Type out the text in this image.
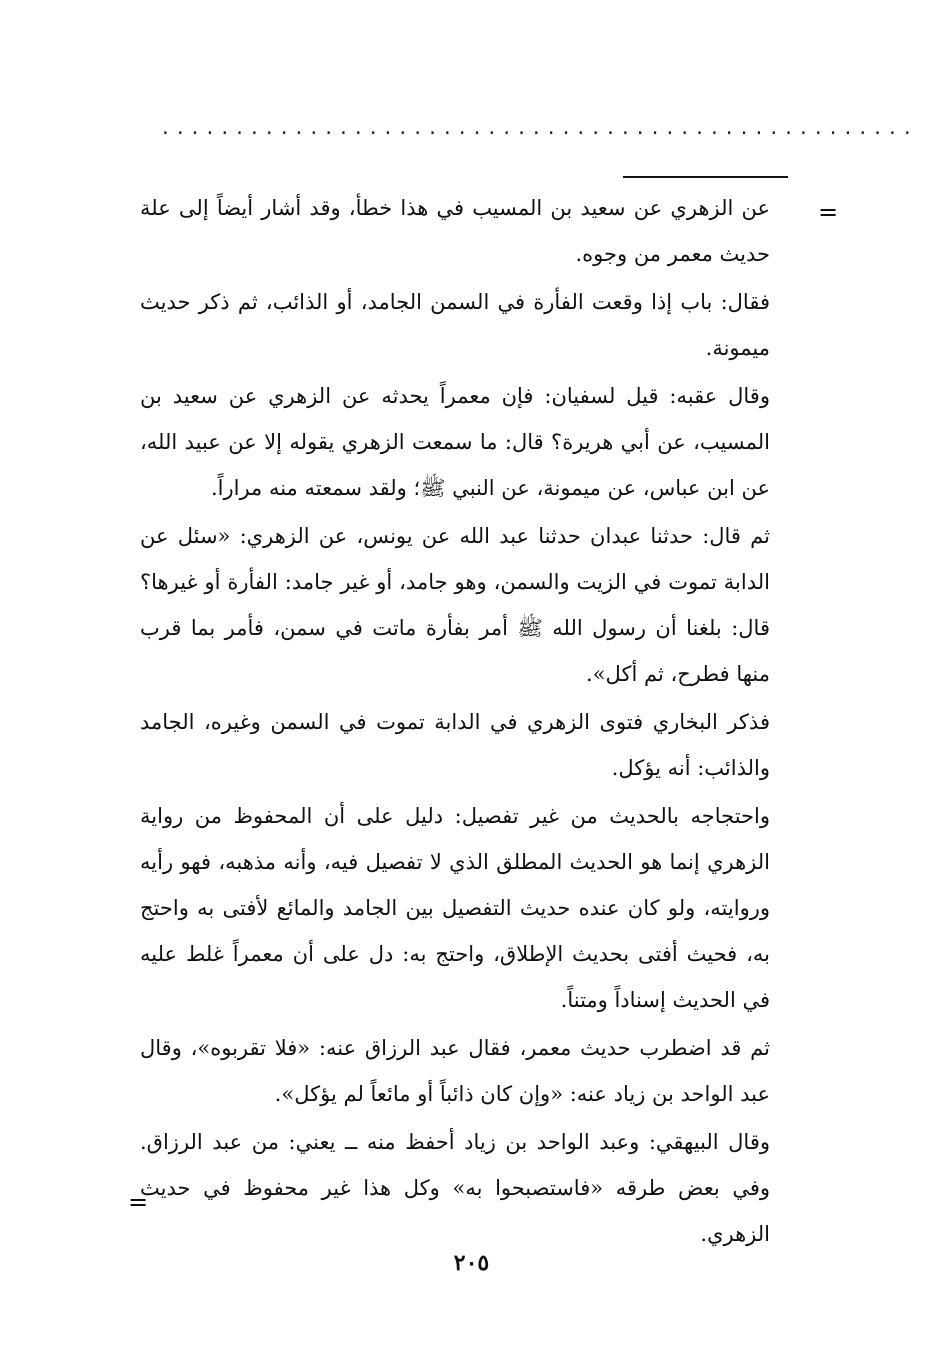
...................................................
=

عن الزهري عن سعيد بن المسيب في هذا خطأ، وقد أشار أيضاً إلى علة حديث معمر من وجوه.

فقال: باب إذا وقعت الفأرة في السمن الجامد، أو الذائب، ثم ذكر حديث ميمونة.

وقال عقبه: قيل لسفيان: فإن معمراً يحدثه عن الزهري عن سعيد بن المسيب، عن أبي هريرة؟ قال: ما سمعت الزهري يقوله إلا عن عبيد الله، عن ابن عباس، عن ميمونة، عن النبي ﷺ؛ ولقد سمعته منه مراراً.

ثم قال: حدثنا عبدان حدثنا عبد الله عن يونس، عن الزهري: «سئل عن الدابة تموت في الزيت والسمن، وهو جامد، أو غير جامد: الفأرة أو غيرها؟ قال: بلغنا أن رسول الله ﷺ أمر بفأرة ماتت في سمن، فأمر بما قرب منها فطرح، ثم أكل».

فذكر البخاري فتوى الزهري في الدابة تموت في السمن وغيره، الجامد والذائب: أنه يؤكل.

واحتجاجه بالحديث من غير تفصيل: دليل على أن المحفوظ من رواية الزهري إنما هو الحديث المطلق الذي لا تفصيل فيه، وأنه مذهبه، فهو رأيه وروايته، ولو كان عنده حديث التفصيل بين الجامد والمائع لأفتى به واحتج به، فحيث أفتى بحديث الإطلاق، واحتج به: دل على أن معمراً غلط عليه في الحديث إسناداً ومتناً.

ثم قد اضطرب حديث معمر، فقال عبد الرزاق عنه: «فلا تقربوه»، وقال عبد الواحد بن زياد عنه: «وإن كان ذائباً أو مائعاً لم يؤكل».

وقال البيهقي: وعبد الواحد بن زياد أحفظ منه ــ يعني: من عبد الرزاق. وفي بعض طرقه «فاستصبحوا به» وكل هذا غير محفوظ في حديث الزهري.

=
٢٠٥
